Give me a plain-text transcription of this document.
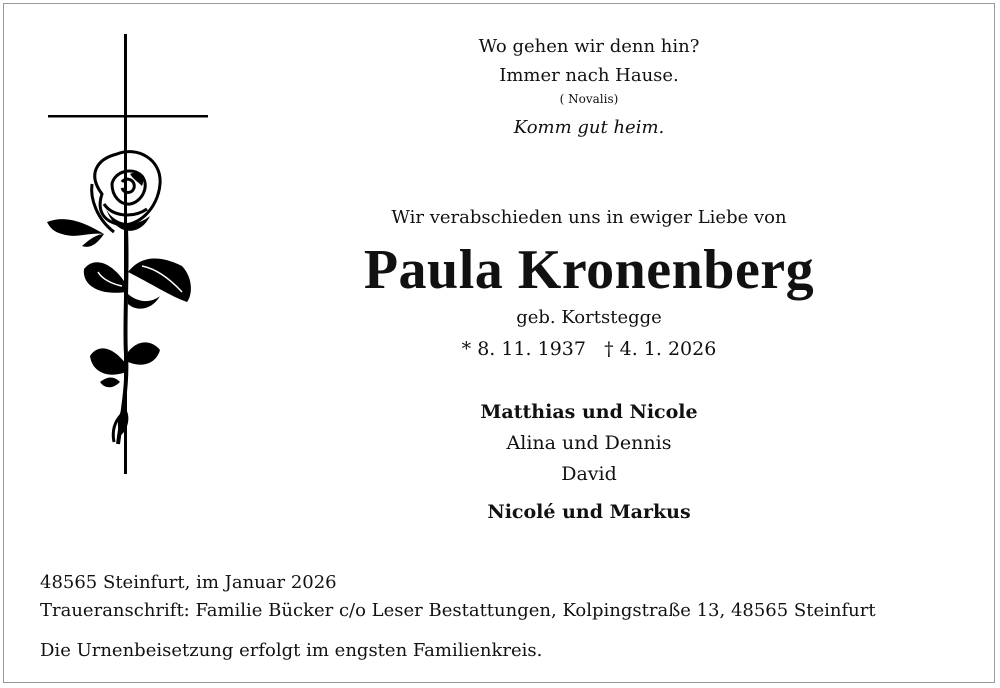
Wo gehen wir denn hin?
Immer nach Hause.
( Novalis)
Komm gut heim.
Wir verabschieden uns in ewiger Liebe von
Paula Kronenberg
geb. Kortstegge
* 8. 11. 1937   † 4. 1. 2026
Matthias und Nicole
Alina und Dennis
David
Nicolé und Markus
48565 Steinfurt, im Januar 2026
Traueranschrift: Familie Bücker c/o Leser Bestattungen, Kolpingstraße 13, 48565 Steinfurt
Die Urnenbeisetzung erfolgt im engsten Familienkreis.
